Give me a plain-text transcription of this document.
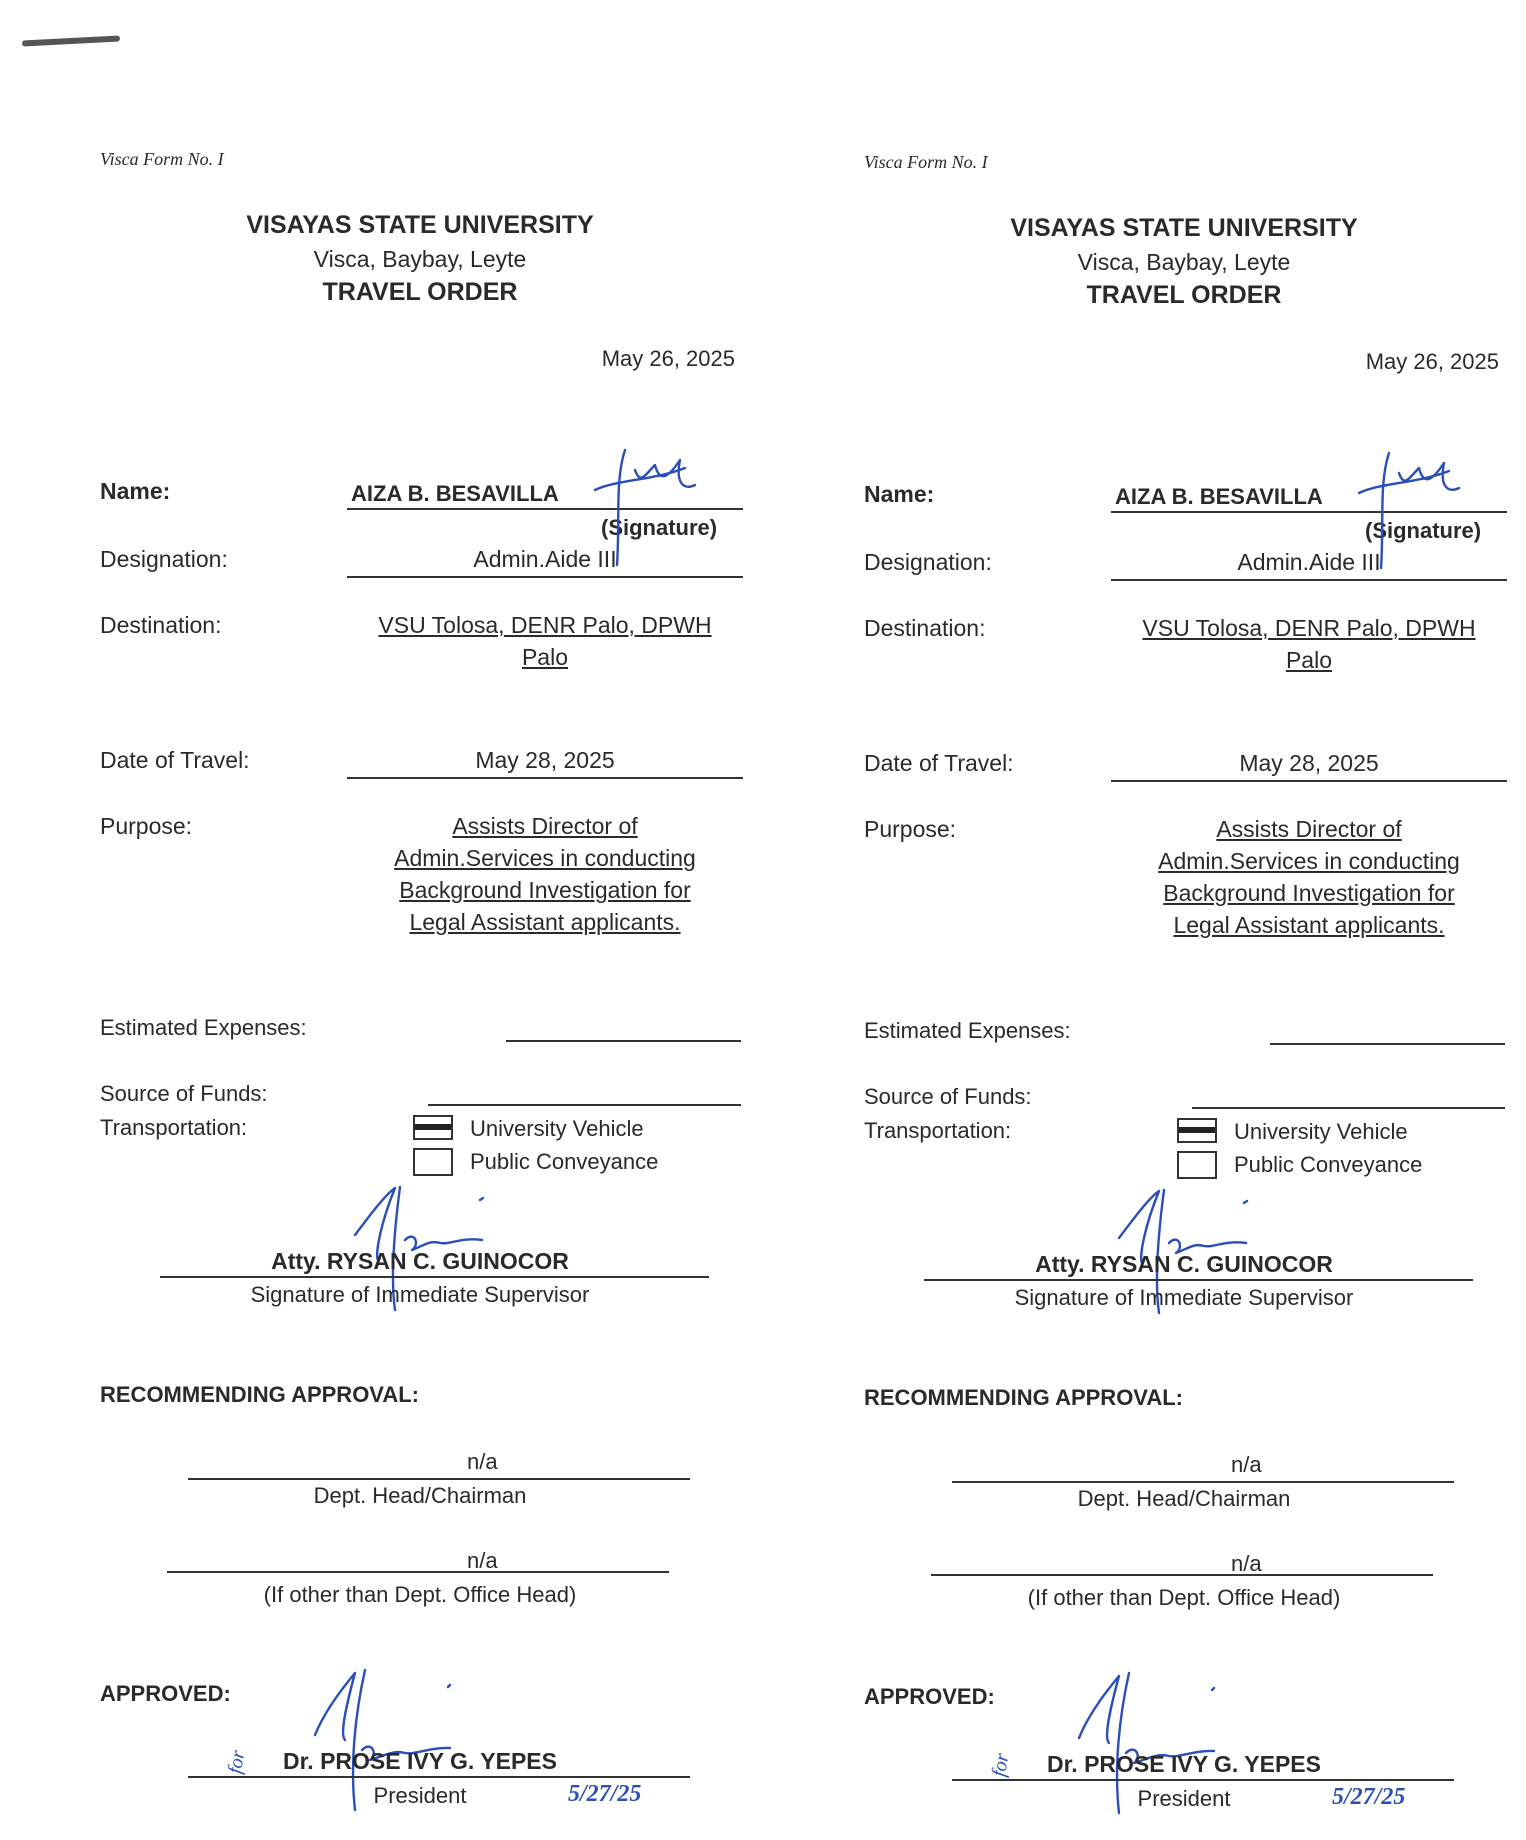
Visca Form No. I
VISAYAS STATE UNIVERSITY
Visca, Baybay, Leyte
TRAVEL ORDER
May 26, 2025
Name:	AIZA B. BESAVILLA
(Signature)
Designation:	Admin.Aide III
Destination:	VSU Tolosa, DENR Palo, DPWH
Palo
Date of Travel:	May 28, 2025
Purpose:	Assists Director of
Admin.Services in conducting
Background Investigation for
Legal Assistant applicants.
Estimated Expenses:
Source of Funds:
Transportation:	University Vehicle
Public Conveyance
Atty. RYSAN C. GUINOCOR
Signature of Immediate Supervisor
RECOMMENDING APPROVAL:
n/a
Dept. Head/Chairman
n/a
(If other than Dept. Office Head)
APPROVED:
for	Dr. PROSE IVY G. YEPES
President	5/27/25
Visca Form No. I
VISAYAS STATE UNIVERSITY
Visca, Baybay, Leyte
TRAVEL ORDER
May 26, 2025
Name:	AIZA B. BESAVILLA
(Signature)
Designation:	Admin.Aide III
Destination:	VSU Tolosa, DENR Palo, DPWH
Palo
Date of Travel:	May 28, 2025
Purpose:	Assists Director of
Admin.Services in conducting
Background Investigation for
Legal Assistant applicants.
Estimated Expenses:
Source of Funds:
Transportation:	University Vehicle
Public Conveyance
Atty. RYSAN C. GUINOCOR
Signature of Immediate Supervisor
RECOMMENDING APPROVAL:
n/a
Dept. Head/Chairman
n/a
(If other than Dept. Office Head)
APPROVED:
for	Dr. PROSE IVY G. YEPES
President	5/27/25
